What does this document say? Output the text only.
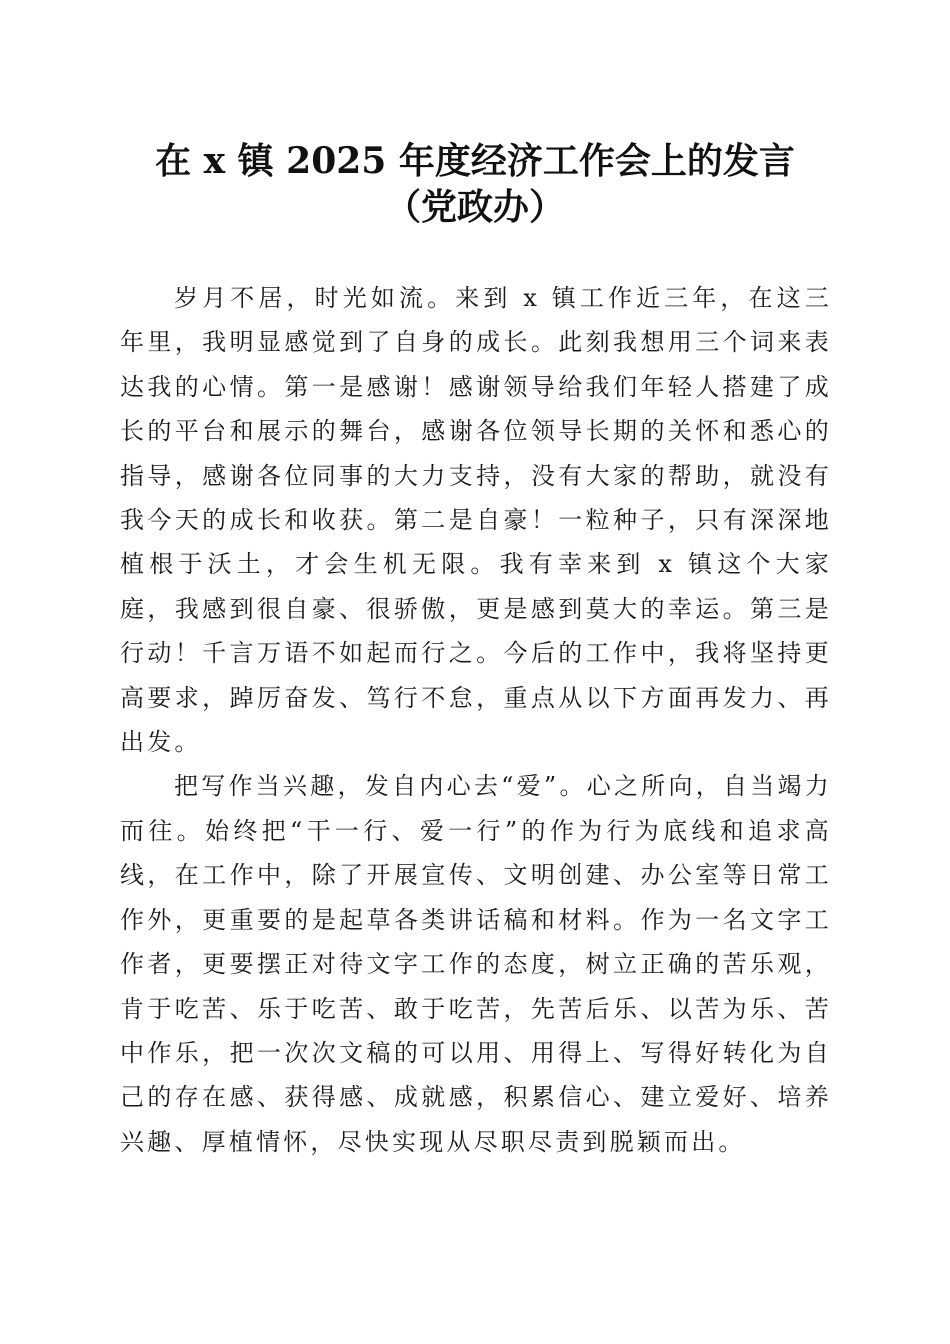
在 x 镇 2025 年度经济工作会上的发言（党政办）

岁月不居，时光如流。来到 x 镇工作近三年，在这三年里，我明显感觉到了自身的成长。此刻我想用三个词来表达我的心情。第一是感谢！感谢领导给我们年轻人搭建了成长的平台和展示的舞台，感谢各位领导长期的关怀和悉心的指导，感谢各位同事的大力支持，没有大家的帮助，就没有我今天的成长和收获。第二是自豪！一粒种子，只有深深地植根于沃土，才会生机无限。我有幸来到 x 镇这个大家庭，我感到很自豪、很骄傲，更是感到莫大的幸运。第三是行动！千言万语不如起而行之。今后的工作中，我将坚持更高要求，踔厉奋发、笃行不怠，重点从以下方面再发力、再出发。

把写作当兴趣，发自内心去“爱”。心之所向，自当竭力而往。始终把“干一行、爱一行”的作为行为底线和追求高线，在工作中，除了开展宣传、文明创建、办公室等日常工作外，更重要的是起草各类讲话稿和材料。作为一名文字工作者，更要摆正对待文字工作的态度，树立正确的苦乐观，肯于吃苦、乐于吃苦、敢于吃苦，先苦后乐、以苦为乐、苦中作乐，把一次次文稿的可以用、用得上、写得好转化为自己的存在感、获得感、成就感，积累信心、建立爱好、培养兴趣、厚植情怀，尽快实现从尽职尽责到脱颖而出。
